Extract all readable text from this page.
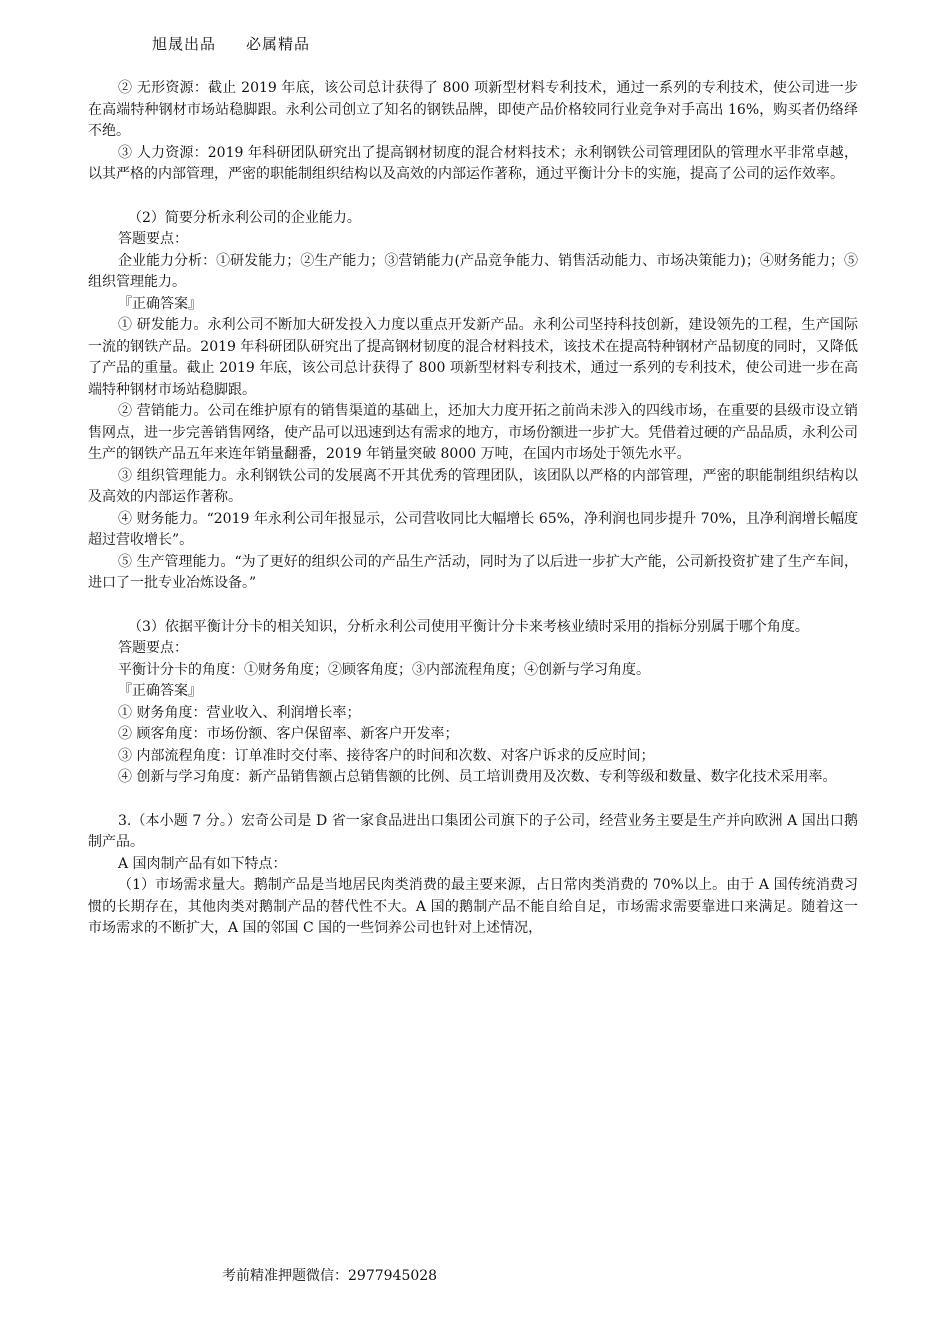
旭晟出品 必属精品

② 无形资源：截止 2019 年底，该公司总计获得了 800 项新型材料专利技术，通过一系列的专利技术，使公司进一步在高端特种钢材市场站稳脚跟。永利公司创立了知名的钢铁品牌，即使产品价格较同行业竞争对手高出 16%，购买者仍络绎不绝。

③ 人力资源：2019 年科研团队研究出了提高钢材韧度的混合材料技术；永利钢铁公司管理团队的管理水平非常卓越，以其严格的内部管理，严密的职能制组织结构以及高效的内部运作著称，通过平衡计分卡的实施，提高了公司的运作效率。

（2）简要分析永利公司的企业能力。

答题要点：

企业能力分析：①研发能力；②生产能力；③营销能力(产品竞争能力、销售活动能力、市场决策能力)；④财务能力；⑤组织管理能力。

『正确答案』

① 研发能力。永利公司不断加大研发投入力度以重点开发新产品。永利公司坚持科技创新，建设领先的工程，生产国际一流的钢铁产品。2019 年科研团队研究出了提高钢材韧度的混合材料技术，该技术在提高特种钢材产品韧度的同时，又降低了产品的重量。截止 2019 年底，该公司总计获得了 800 项新型材料专利技术，通过一系列的专利技术，使公司进一步在高端特种钢材市场站稳脚跟。

② 营销能力。公司在维护原有的销售渠道的基础上，还加大力度开拓之前尚未涉入的四线市场，在重要的县级市设立销售网点，进一步完善销售网络，使产品可以迅速到达有需求的地方，市场份额进一步扩大。凭借着过硬的产品品质，永利公司生产的钢铁产品五年来连年销量翻番，2019 年销量突破 8000 万吨，在国内市场处于领先水平。

③ 组织管理能力。永利钢铁公司的发展离不开其优秀的管理团队，该团队以严格的内部管理，严密的职能制组织结构以及高效的内部运作著称。

④ 财务能力。“2019 年永利公司年报显示，公司营收同比大幅增长 65%，净利润也同步提升 70%，且净利润增长幅度超过营收增长”。

⑤ 生产管理能力。“为了更好的组织公司的产品生产活动，同时为了以后进一步扩大产能，公司新投资扩建了生产车间，进口了一批专业冶炼设备。”

（3）依据平衡计分卡的相关知识，分析永利公司使用平衡计分卡来考核业绩时采用的指标分别属于哪个角度。

答题要点：

平衡计分卡的角度：①财务角度；②顾客角度；③内部流程角度；④创新与学习角度。

『正确答案』

① 财务角度：营业收入、利润增长率；

② 顾客角度：市场份额、客户保留率、新客户开发率；

③ 内部流程角度：订单准时交付率、接待客户的时间和次数、对客户诉求的反应时间；

④ 创新与学习角度：新产品销售额占总销售额的比例、员工培训费用及次数、专利等级和数量、数字化技术采用率。

3.（本小题 7 分。）宏奇公司是 D 省一家食品进出口集团公司旗下的子公司，经营业务主要是生产并向欧洲 A 国出口鹅制产品。

A 国肉制产品有如下特点：

（1）市场需求量大。鹅制产品是当地居民肉类消费的最主要来源，占日常肉类消费的 70%以上。由于 A 国传统消费习惯的长期存在，其他肉类对鹅制产品的替代性不大。A 国的鹅制产品不能自给自足，市场需求需要靠进口来满足。随着这一市场需求的不断扩大，A 国的邻国 C 国的一些饲养公司也针对上述情况，

考前精准押题微信：2977945028
